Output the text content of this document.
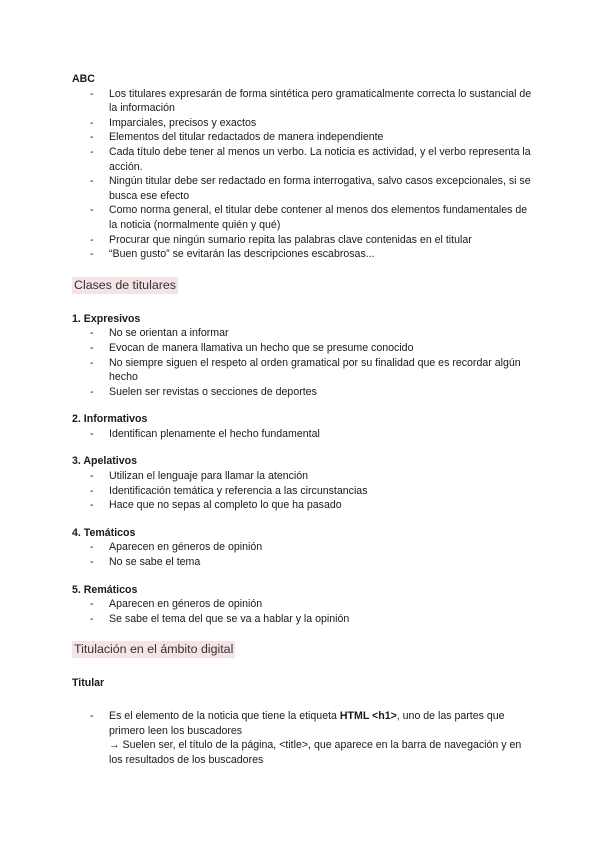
ABC

- Los titulares expresarán de forma sintética pero gramaticalmente correcta lo sustancial de la información
- Imparciales, precisos y exactos
- Elementos del titular redactados de manera independiente
- Cada título debe tener al menos un verbo. La noticia es actividad, y el verbo representa la acción.
- Ningún titular debe ser redactado en forma interrogativa, salvo casos excepcionales, si se busca ese efecto
- Como norma general, el titular debe contener al menos dos elementos fundamentales de la noticia (normalmente quién y qué)
- Procurar que ningún sumario repita las palabras clave contenidas en el titular
- “Buen gusto” se evitarán las descripciones escabrosas...

Clases de titulares

1. Expresivos

- No se orientan a informar
- Evocan de manera llamativa un hecho que se presume conocido
- No siempre siguen el respeto al orden gramatical por su finalidad que es recordar algún hecho
- Suelen ser revistas o secciones de deportes

2. Informativos

- Identifican plenamente el hecho fundamental

3. Apelativos

- Utilizan el lenguaje para llamar la atención
- Identificación temática y referencia a las circunstancias
- Hace que no sepas al completo lo que ha pasado

4. Temáticos

- Aparecen en géneros de opinión
- No se sabe el tema

5. Remáticos

- Aparecen en géneros de opinión
- Se sabe el tema del que se va a hablar y la opinión

Titulación en el ámbito digital

Titular

- Es el elemento de la noticia que tiene la etiqueta HTML <h1>, uno de las partes que primero leen los buscadores
→ Suelen ser, el título de la página, <title>, que aparece en la barra de navegación y en los resultados de los buscadores
